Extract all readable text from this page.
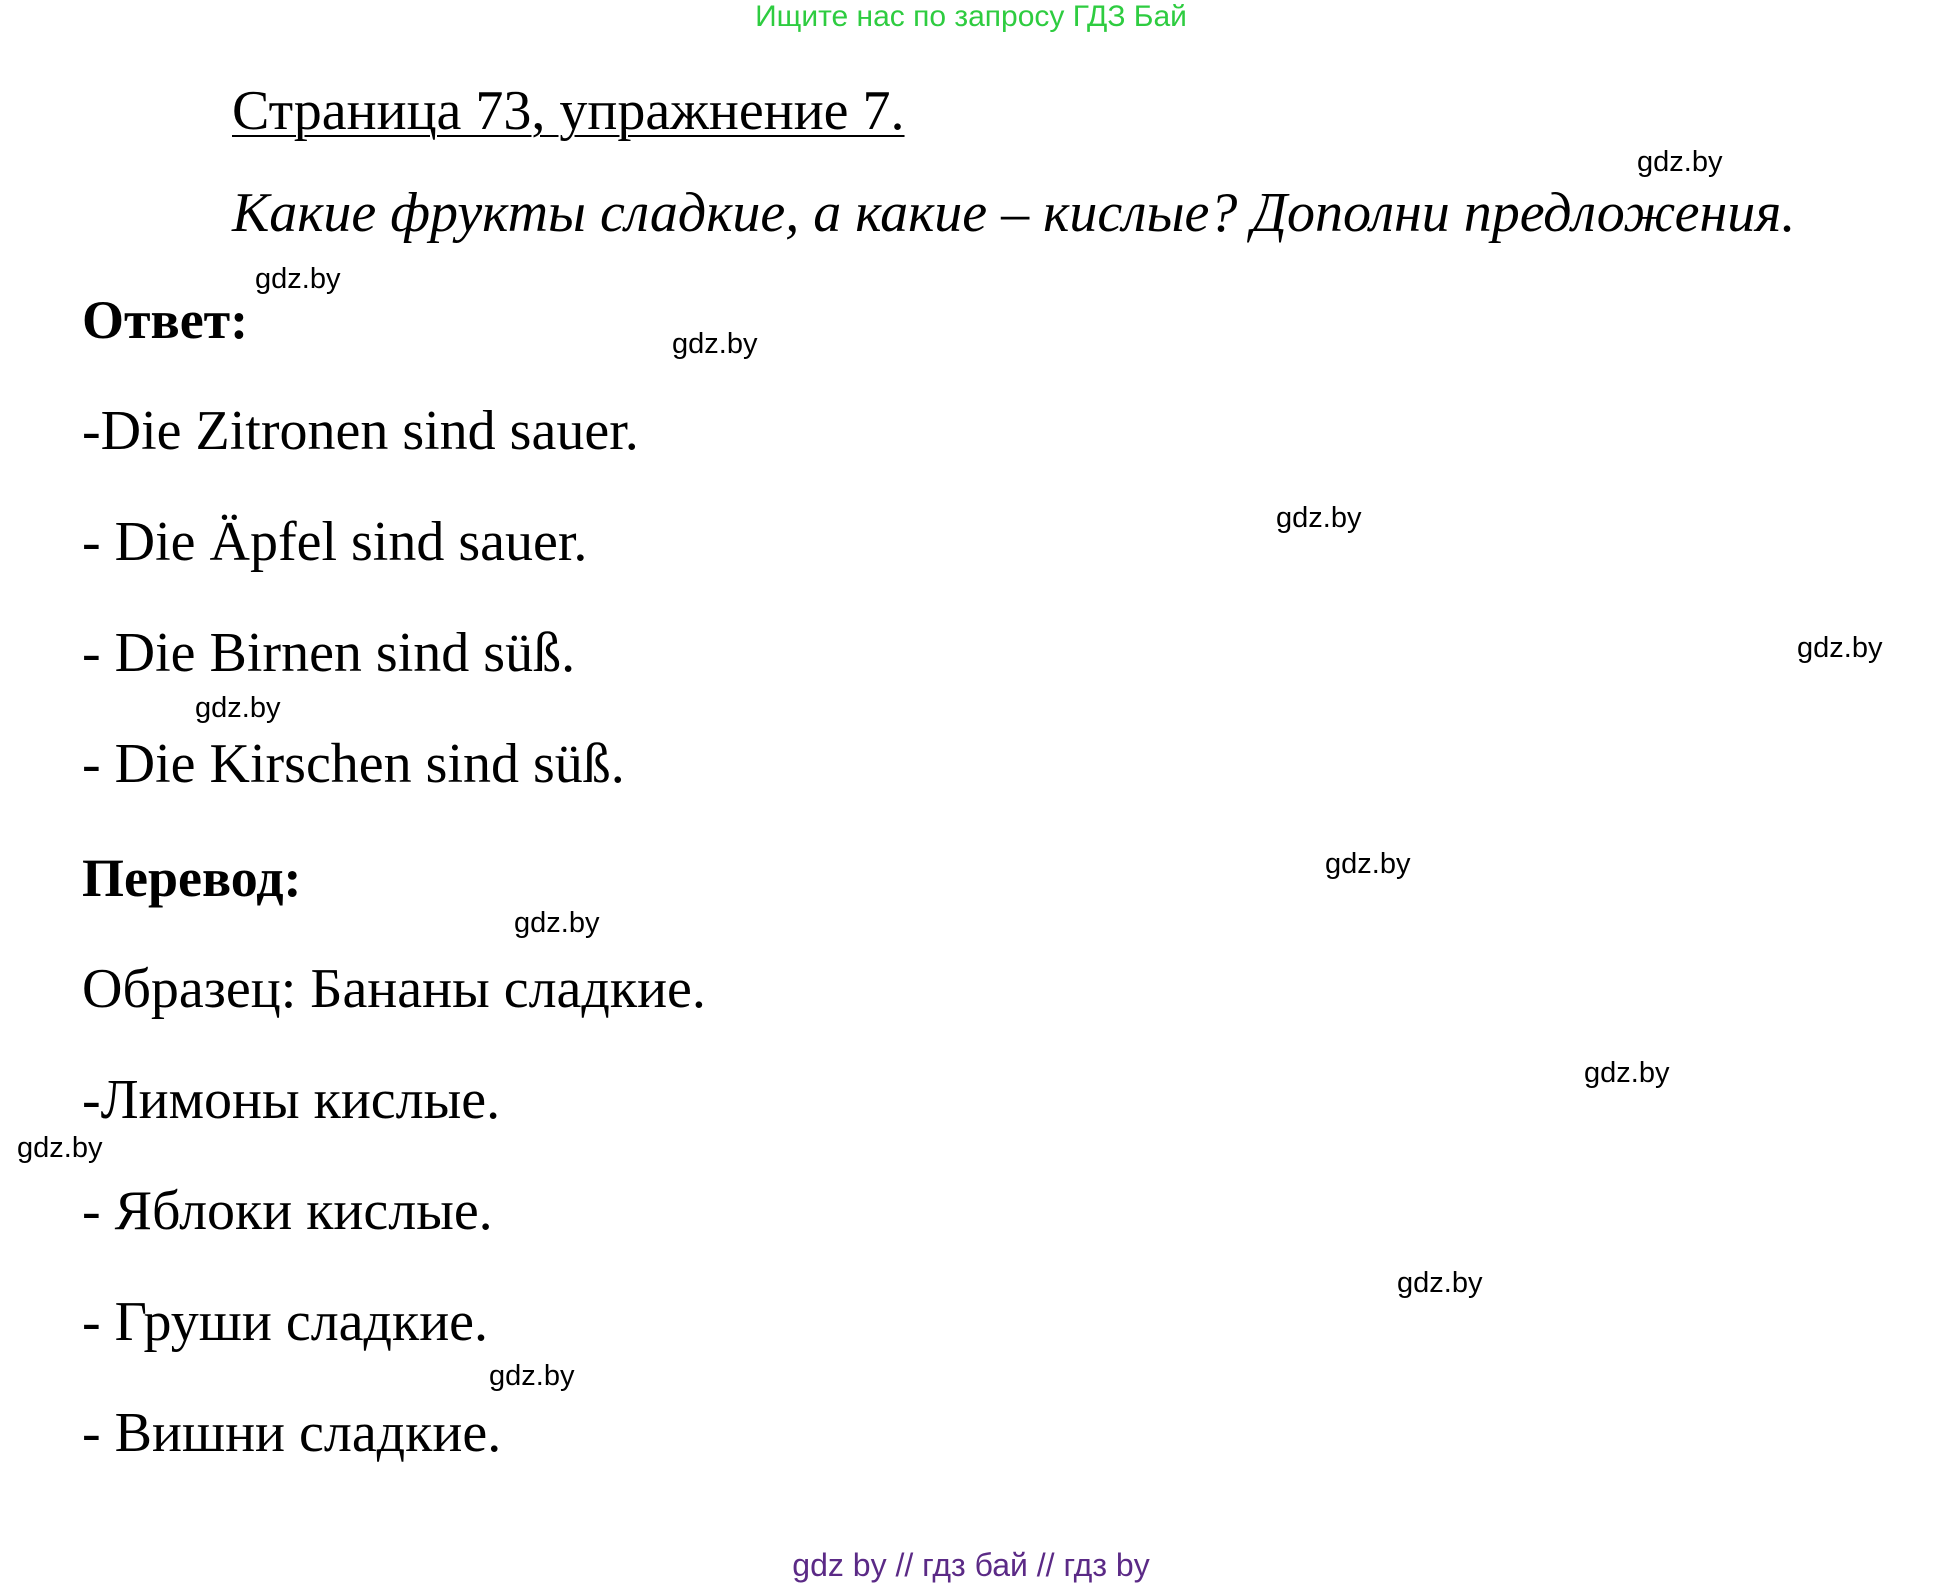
Ищите нас по запросу ГДЗ Бай
Страница 73, упражнение 7.
Какие фрукты сладкие, а какие – кислые? Дополни предложения.
Ответ:
-Die Zitronen sind sauer.
- Die Äpfel sind sauer.
- Die Birnen sind süß.
- Die Kirschen sind süß.
Перевод:
Образец: Бананы сладкие.
-Лимоны кислые.
- Яблоки кислые.
- Груши сладкие.
- Вишни сладкие.
gdz.by
gdz.by
gdz.by
gdz.by
gdz.by
gdz.by
gdz.by
gdz.by
gdz.by
gdz.by
gdz.by
gdz.by
gdz by // гдз бай // гдз by
